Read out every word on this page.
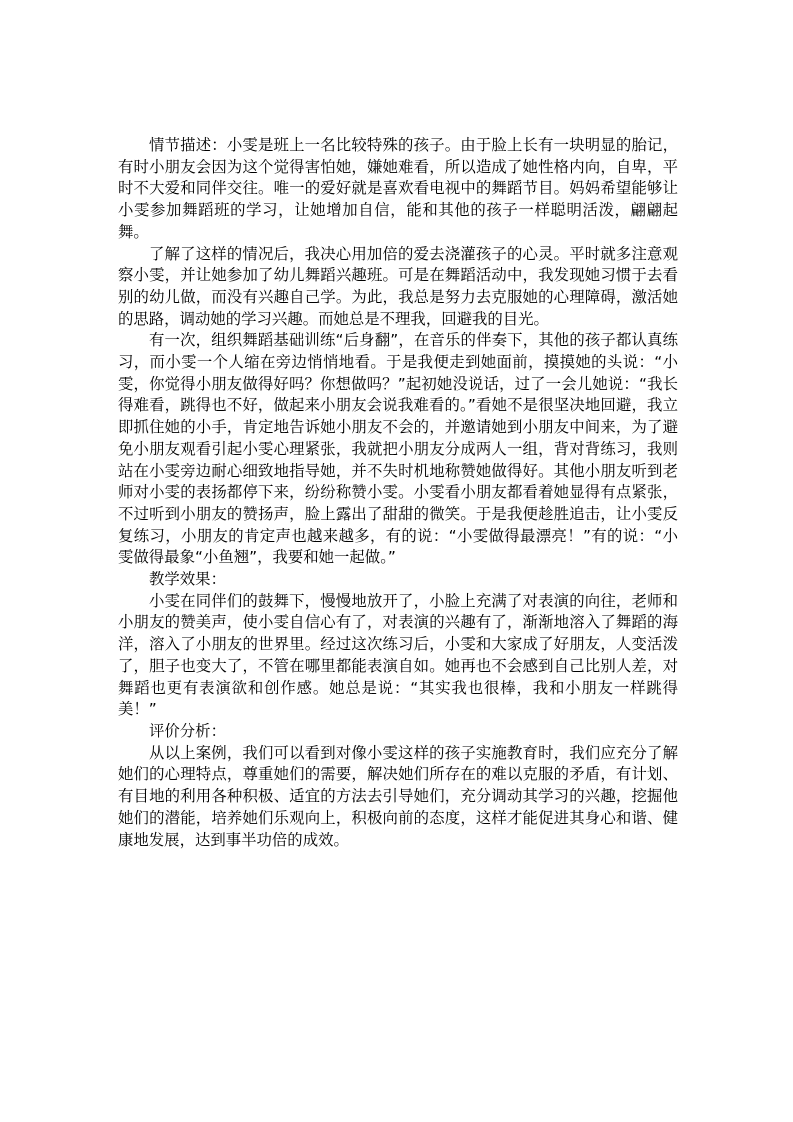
情节描述：小雯是班上一名比较特殊的孩子。由于脸上长有一块明显的胎记，有时小朋友会因为这个觉得害怕她，嫌她难看，所以造成了她性格内向，自卑，平时不大爱和同伴交往。唯一的爱好就是喜欢看电视中的舞蹈节目。妈妈希望能够让小雯参加舞蹈班的学习，让她增加自信，能和其他的孩子一样聪明活泼，翩翩起舞。

了解了这样的情况后，我决心用加倍的爱去浇灌孩子的心灵。平时就多注意观察小雯，并让她参加了幼儿舞蹈兴趣班。可是在舞蹈活动中，我发现她习惯于去看别的幼儿做，而没有兴趣自己学。为此，我总是努力去克服她的心理障碍，激活她的思路，调动她的学习兴趣。而她总是不理我，回避我的目光。

有一次，组织舞蹈基础训练“后身翻”，在音乐的伴奏下，其他的孩子都认真练习，而小雯一个人缩在旁边悄悄地看。于是我便走到她面前，摸摸她的头说：“小雯，你觉得小朋友做得好吗？你想做吗？”起初她没说话，过了一会儿她说：“我长得难看，跳得也不好，做起来小朋友会说我难看的。”看她不是很坚决地回避，我立即抓住她的小手，肯定地告诉她小朋友不会的，并邀请她到小朋友中间来，为了避免小朋友观看引起小雯心理紧张，我就把小朋友分成两人一组，背对背练习，我则站在小雯旁边耐心细致地指导她，并不失时机地称赞她做得好。其他小朋友听到老师对小雯的表扬都停下来，纷纷称赞小雯。小雯看小朋友都看着她显得有点紧张，不过听到小朋友的赞扬声，脸上露出了甜甜的微笑。于是我便趁胜追击，让小雯反复练习，小朋友的肯定声也越来越多，有的说：“小雯做得最漂亮！”有的说：“小雯做得最象“小鱼翘”，我要和她一起做。”

教学效果：

小雯在同伴们的鼓舞下，慢慢地放开了，小脸上充满了对表演的向往，老师和小朋友的赞美声，使小雯自信心有了，对表演的兴趣有了，渐渐地溶入了舞蹈的海洋，溶入了小朋友的世界里。经过这次练习后，小雯和大家成了好朋友，人变活泼了，胆子也变大了，不管在哪里都能表演自如。她再也不会感到自己比别人差，对舞蹈也更有表演欲和创作感。她总是说：“其实我也很棒，我和小朋友一样跳得美！”

评价分析：

从以上案例，我们可以看到对像小雯这样的孩子实施教育时，我们应充分了解她们的心理特点，尊重她们的需要，解决她们所存在的难以克服的矛盾，有计划、有目地的利用各种积极、适宜的方法去引导她们，充分调动其学习的兴趣，挖掘他她们的潜能，培养她们乐观向上，积极向前的态度，这样才能促进其身心和谐、健康地发展，达到事半功倍的成效。
